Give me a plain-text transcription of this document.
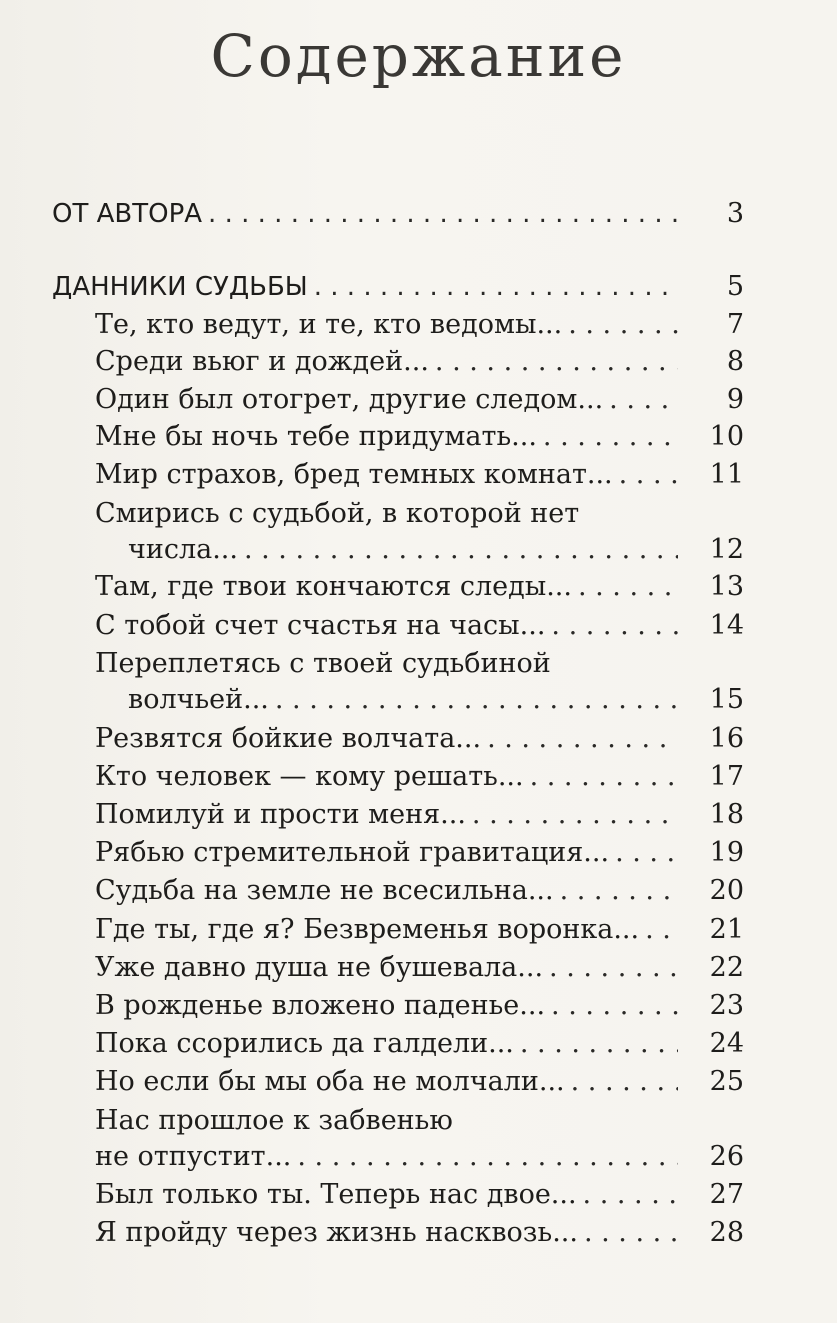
Содержание
ОТ АВТОРА . . .	3
ДАННИКИ СУДЬБЫ . . .	5
Те, кто ведут, и те, кто ведомы... . . .	7
Среди вьюг и дождей... . . .	8
Один был отогрет, другие следом... . . .	9
Мне бы ночь тебе придумать... . . .	10
Мир страхов, бред темных комнат... . . .	11
Смирись с судьбой, в которой нет
числа... . . .	12
Там, где твои кончаются следы... . . .	13
С тобой счет счастья на часы... . . .	14
Переплетясь с твоей судьбиной
волчьей... . . .	15
Резвятся бойкие волчата... . . .	16
Кто человек — кому решать... . . .	17
Помилуй и прости меня... . . .	18
Рябью стремительной гравитация... . . .	19
Судьба на земле не всесильна... . . .	20
Где ты, где я? Безвременья воронка... . . .	21
Уже давно душа не бушевала... . . .	22
В рожденье вложено паденье... . . .	23
Пока ссорились да галдели... . . .	24
Но если бы мы оба не молчали... . . .	25
Нас прошлое к забвенью
не отпустит... . . .	26
Был только ты. Теперь нас двое... . . .	27
Я пройду через жизнь насквозь... . . .	28
